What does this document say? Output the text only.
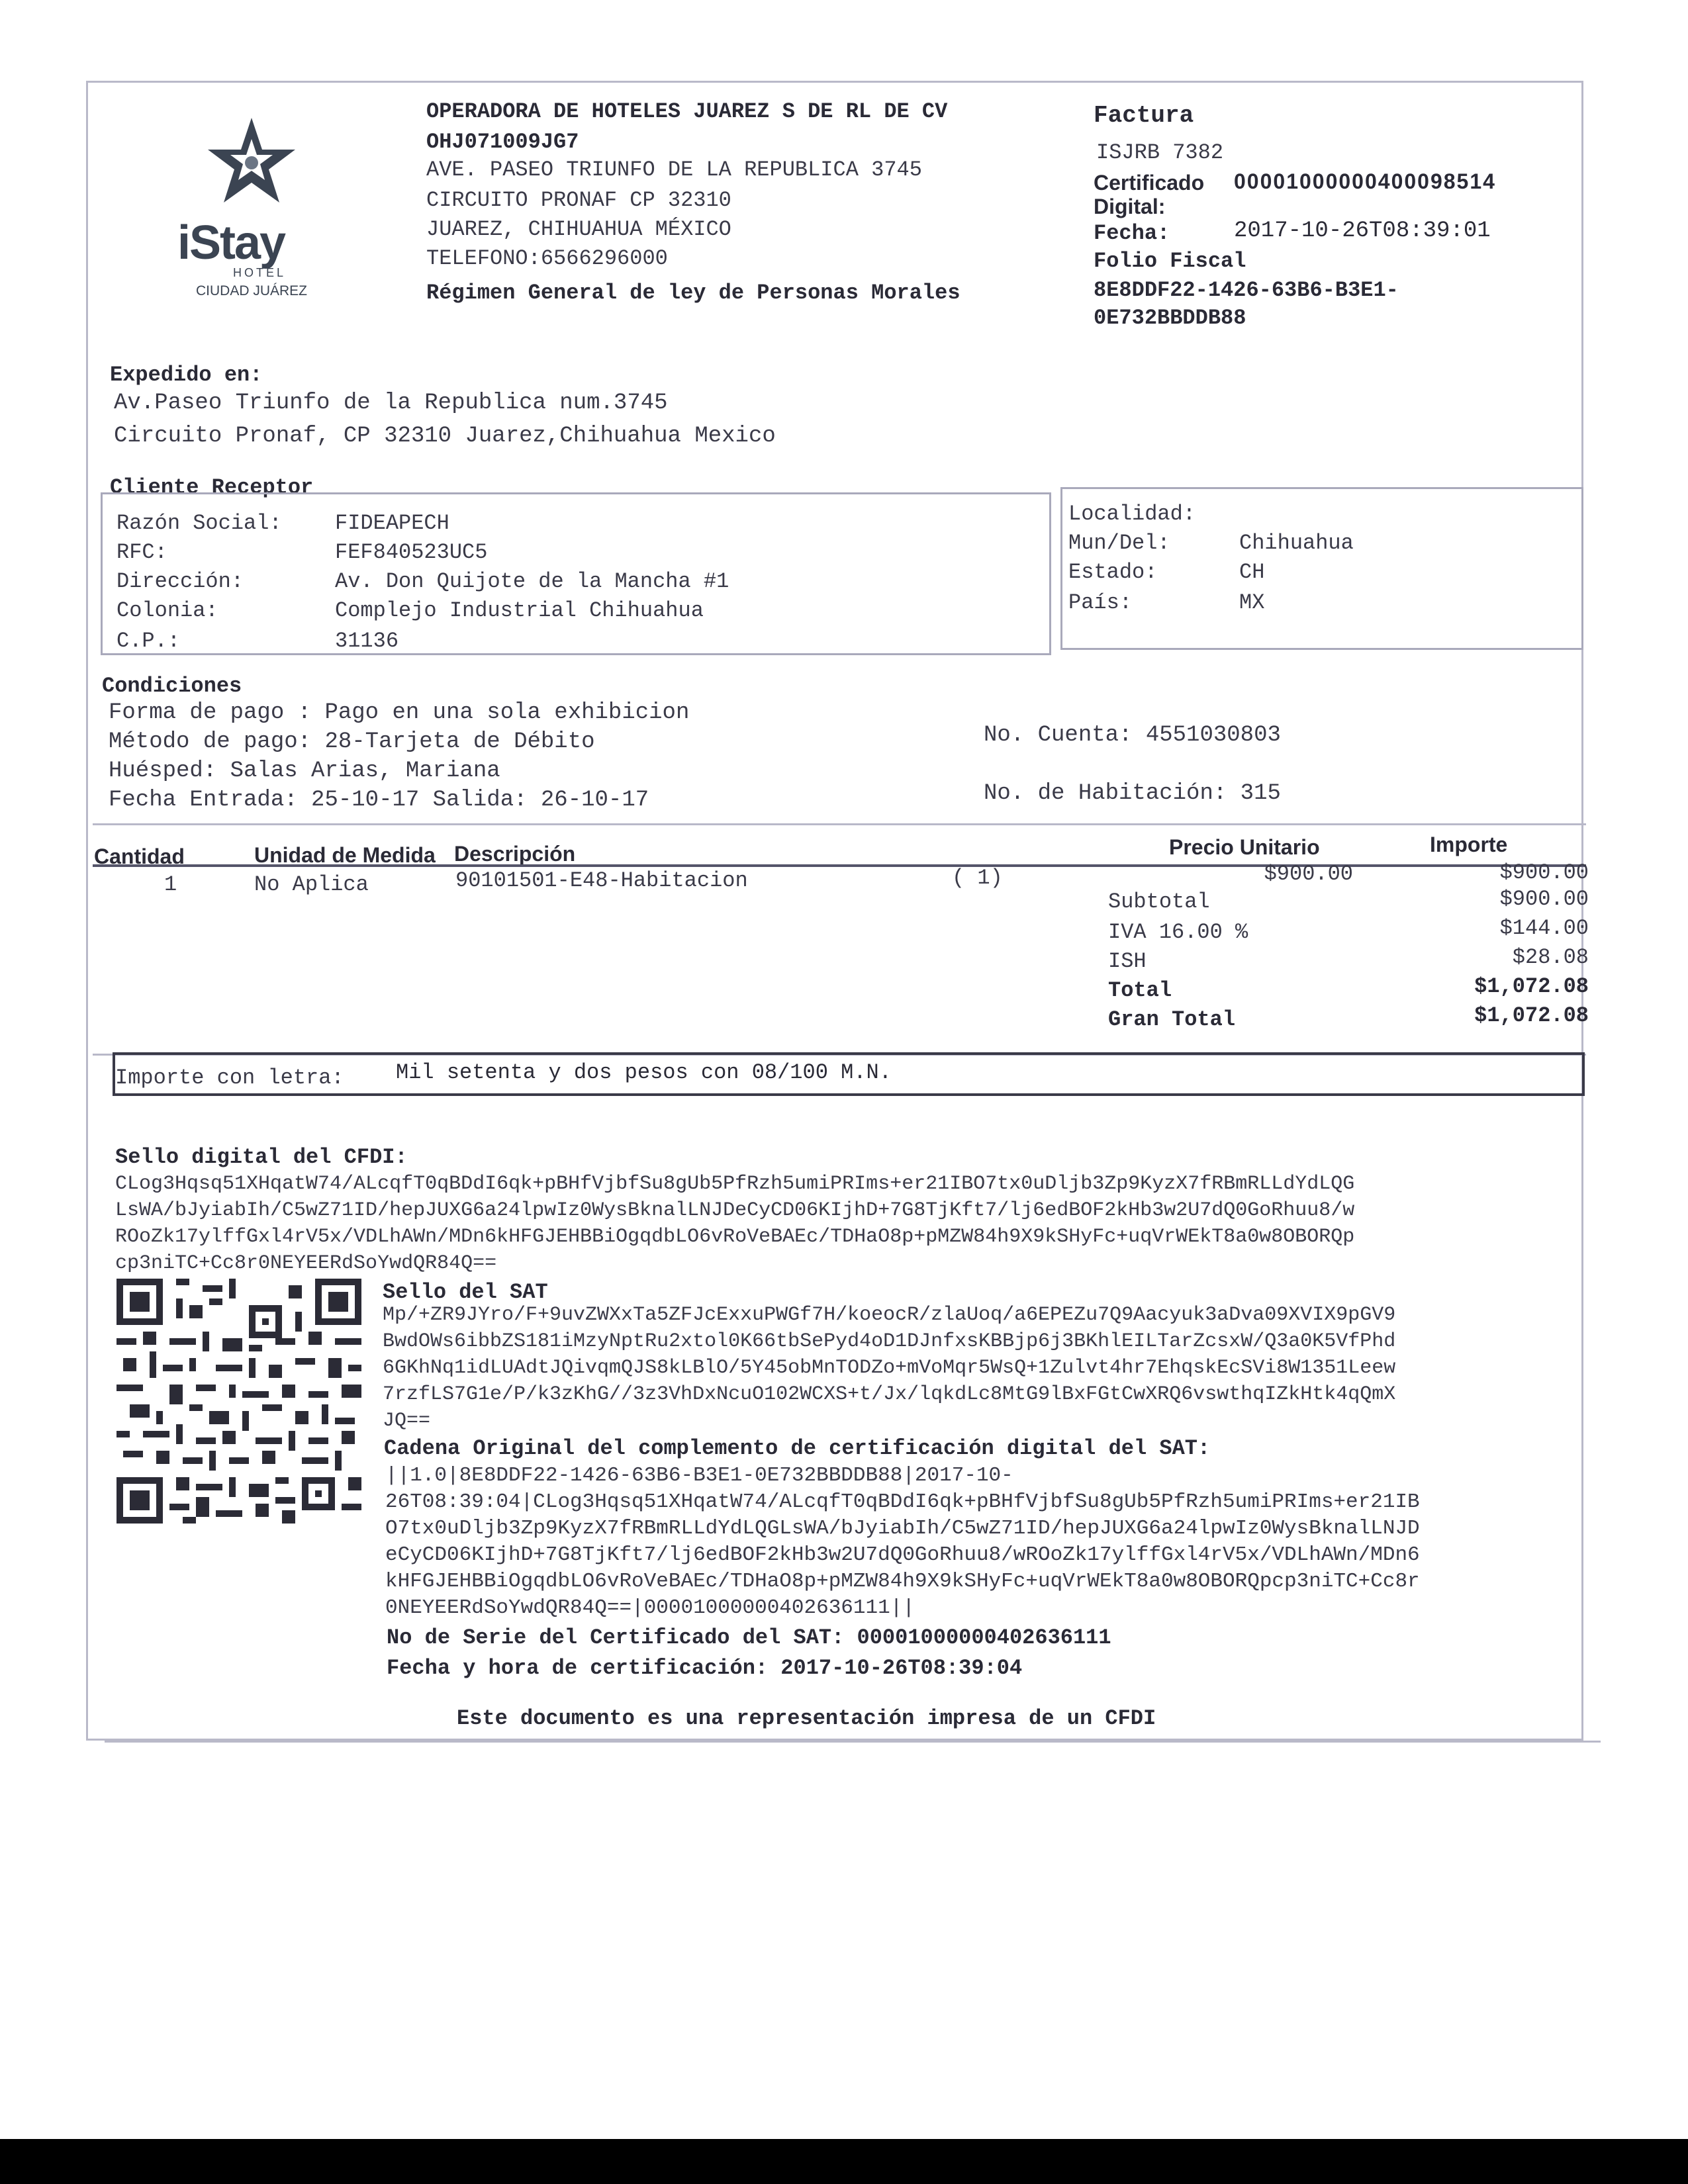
iStay
HOTEL
CIUDAD JUÁREZ
OPERADORA DE HOTELES JUAREZ S DE RL DE CV
OHJ071009JG7
AVE. PASEO TRIUNFO DE LA REPUBLICA 3745
CIRCUITO PRONAF CP 32310
JUAREZ, CHIHUAHUA MÉXICO
TELEFONO:6566296000
Régimen General de ley de Personas Morales
Factura
ISJRB 7382
Certificado
Digital:
00001000000400098514
Fecha:	2017-10-26T08:39:01
Folio Fiscal
8E8DDF22-1426-63B6-B3E1-
0E732BBDDB88
Expedido en:
Av.Paseo Triunfo de la Republica num.3745
Circuito Pronaf, CP 32310 Juarez,Chihuahua Mexico
Cliente Receptor
Razón Social:	FIDEAPECH
RFC:	FEF840523UC5
Dirección:	Av. Don Quijote de la Mancha #1
Colonia:	Complejo Industrial Chihuahua
C.P.:	31136
Localidad:
Mun/Del:	Chihuahua
Estado:	CH
País:	MX
Condiciones
Forma de pago : Pago en una sola exhibicion
Método de pago: 28-Tarjeta de Débito
Huésped: Salas Arias, Mariana
Fecha Entrada: 25-10-17 Salida: 26-10-17
No. Cuenta: 4551030803
No. de Habitación: 315
Cantidad	Unidad de Medida Descripción	Precio Unitario	Importe
1	No Aplica	90101501-E48-Habitacion	( 1)	$900.00	$900.00
Subtotal	$900.00
IVA 16.00 %	$144.00
ISH	$28.08
Total	$1,072.08
Gran Total	$1,072.08
Importe con letra: Mil setenta y dos pesos con 08/100 M.N.
Sello digital del CFDI:
CLog3Hqsq51XHqatW74/ALcqfT0qBDdI6qk+pBHfVjbfSu8gUb5PfRzh5umiPRIms+er21IBO7tx0uDljb3Zp9KyzX7fRBmRLLdYdLQG
LsWA/bJyiabIh/C5wZ71ID/hepJUXG6a24lpwIz0WysBknalLNJDeCyCD06KIjhD+7G8TjKft7/lj6edBOF2kHb3w2U7dQ0GoRhuu8/w
ROoZk17ylffGxl4rV5x/VDLhAWn/MDn6kHFGJEHBBiOgqdbLO6vRoVeBAEc/TDHaO8p+pMZW84h9X9kSHyFc+uqVrWEkT8a0w8OBORQp
cp3niTC+Cc8r0NEYEERdSoYwdQR84Q==
Sello del SAT
Mp/+ZR9JYro/F+9uvZWXxTa5ZFJcExxuPWGf7H/koeocR/zlaUoq/a6EPEZu7Q9Aacyuk3aDva09XVIX9pGV9
BwdOWs6ibbZS181iMzyNptRu2xtol0K66tbSePyd4oD1DJnfxsKBBjp6j3BKhlEILTarZcsxW/Q3a0K5VfPhd
6GKhNq1idLUAdtJQivqmQJS8kLBlO/5Y45obMnTODZo+mVoMqr5WsQ+1Zulvt4hr7EhqskEcSVi8W1351Leew
7rzfLS7G1e/P/k3zKhG//3z3VhDxNcuO102WCXS+t/Jx/lqkdLc8MtG9lBxFGtCwXRQ6vswthqIZkHtk4qQmX
JQ==
Cadena Original del complemento de certificación digital del SAT:
||1.0|8E8DDF22-1426-63B6-B3E1-0E732BBDDB88|2017-10-
26T08:39:04|CLog3Hqsq51XHqatW74/ALcqfT0qBDdI6qk+pBHfVjbfSu8gUb5PfRzh5umiPRIms+er21IB
O7tx0uDljb3Zp9KyzX7fRBmRLLdYdLQGLsWA/bJyiabIh/C5wZ71ID/hepJUXG6a24lpwIz0WysBknalLNJD
eCyCD06KIjhD+7G8TjKft7/lj6edBOF2kHb3w2U7dQ0GoRhuu8/wROoZk17ylffGxl4rV5x/VDLhAWn/MDn6
kHFGJEHBBiOgqdbLO6vRoVeBAEc/TDHaO8p+pMZW84h9X9kSHyFc+uqVrWEkT8a0w8OBORQpcp3niTC+Cc8r
0NEYEERdSoYwdQR84Q==|00001000000402636111||
No de Serie del Certificado del SAT: 00001000000402636111
Fecha y hora de certificación: 2017-10-26T08:39:04
Este documento es una representación impresa de un CFDI
